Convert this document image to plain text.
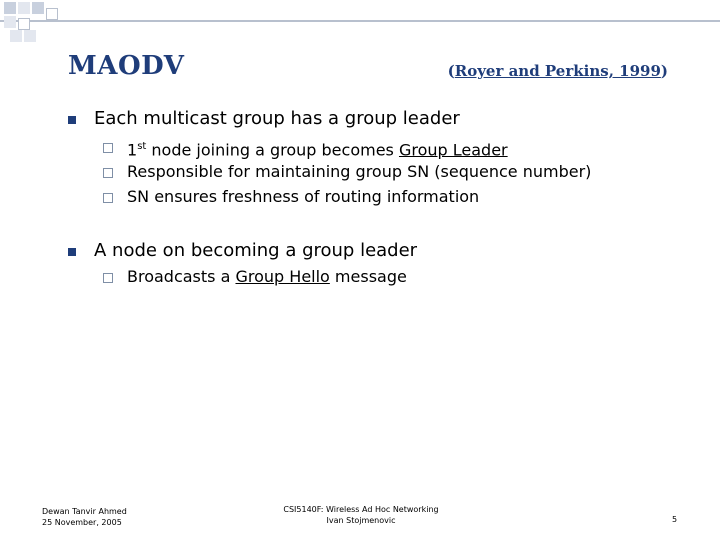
MAODV	(Royer and Perkins, 1999)
Each multicast group has a group leader
1st node joining a group becomes Group Leader
Responsible for maintaining group SN (sequence number)
SN ensures freshness of routing information
A node on becoming a group leader
Broadcasts a Group Hello message
Dewan Tanvir Ahmed
25 November, 2005
CSI5140F: Wireless Ad Hoc Networking
Ivan Stojmenovic	5
